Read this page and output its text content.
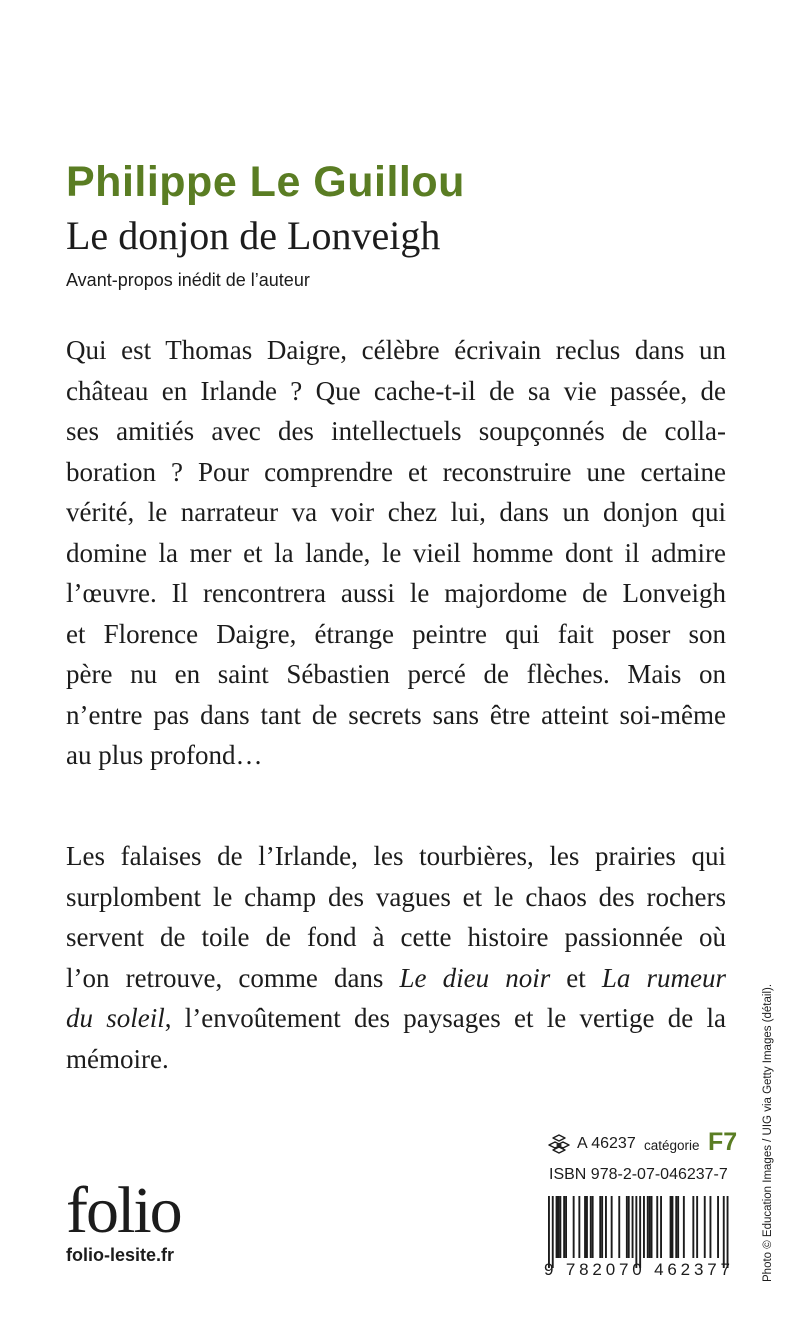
Philippe Le Guillou
Le donjon de Lonveigh
Avant-propos inédit de l’auteur
Qui est Thomas Daigre, célèbre écrivain reclus dans un
château en Irlande ? Que cache-t-il de sa vie passée, de
ses amitiés avec des intellectuels soupçonnés de colla-
boration ? Pour comprendre et reconstruire une certaine
vérité, le narrateur va voir chez lui, dans un donjon qui
domine la mer et la lande, le vieil homme dont il admire
l’œuvre. Il rencontrera aussi le majordome de Lonveigh
et Florence Daigre, étrange peintre qui fait poser son
père nu en saint Sébastien percé de flèches. Mais on
n’entre pas dans tant de secrets sans être atteint soi-même
au plus profond…
Les falaises de l’Irlande, les tourbières, les prairies qui
surplombent le champ des vagues et le chaos des rochers
servent de toile de fond à cette histoire passionnée où
l’on retrouve, comme dans Le dieu noir et La rumeur
du soleil, l’envoûtement des paysages et le vertige de la
mémoire.	Photo © Education Images / UIG via Getty Images (détail).
A 46237 catégorie F7
ISBN 978-2-07-046237-7
9 782070 462377
folio
folio-lesite.fr
